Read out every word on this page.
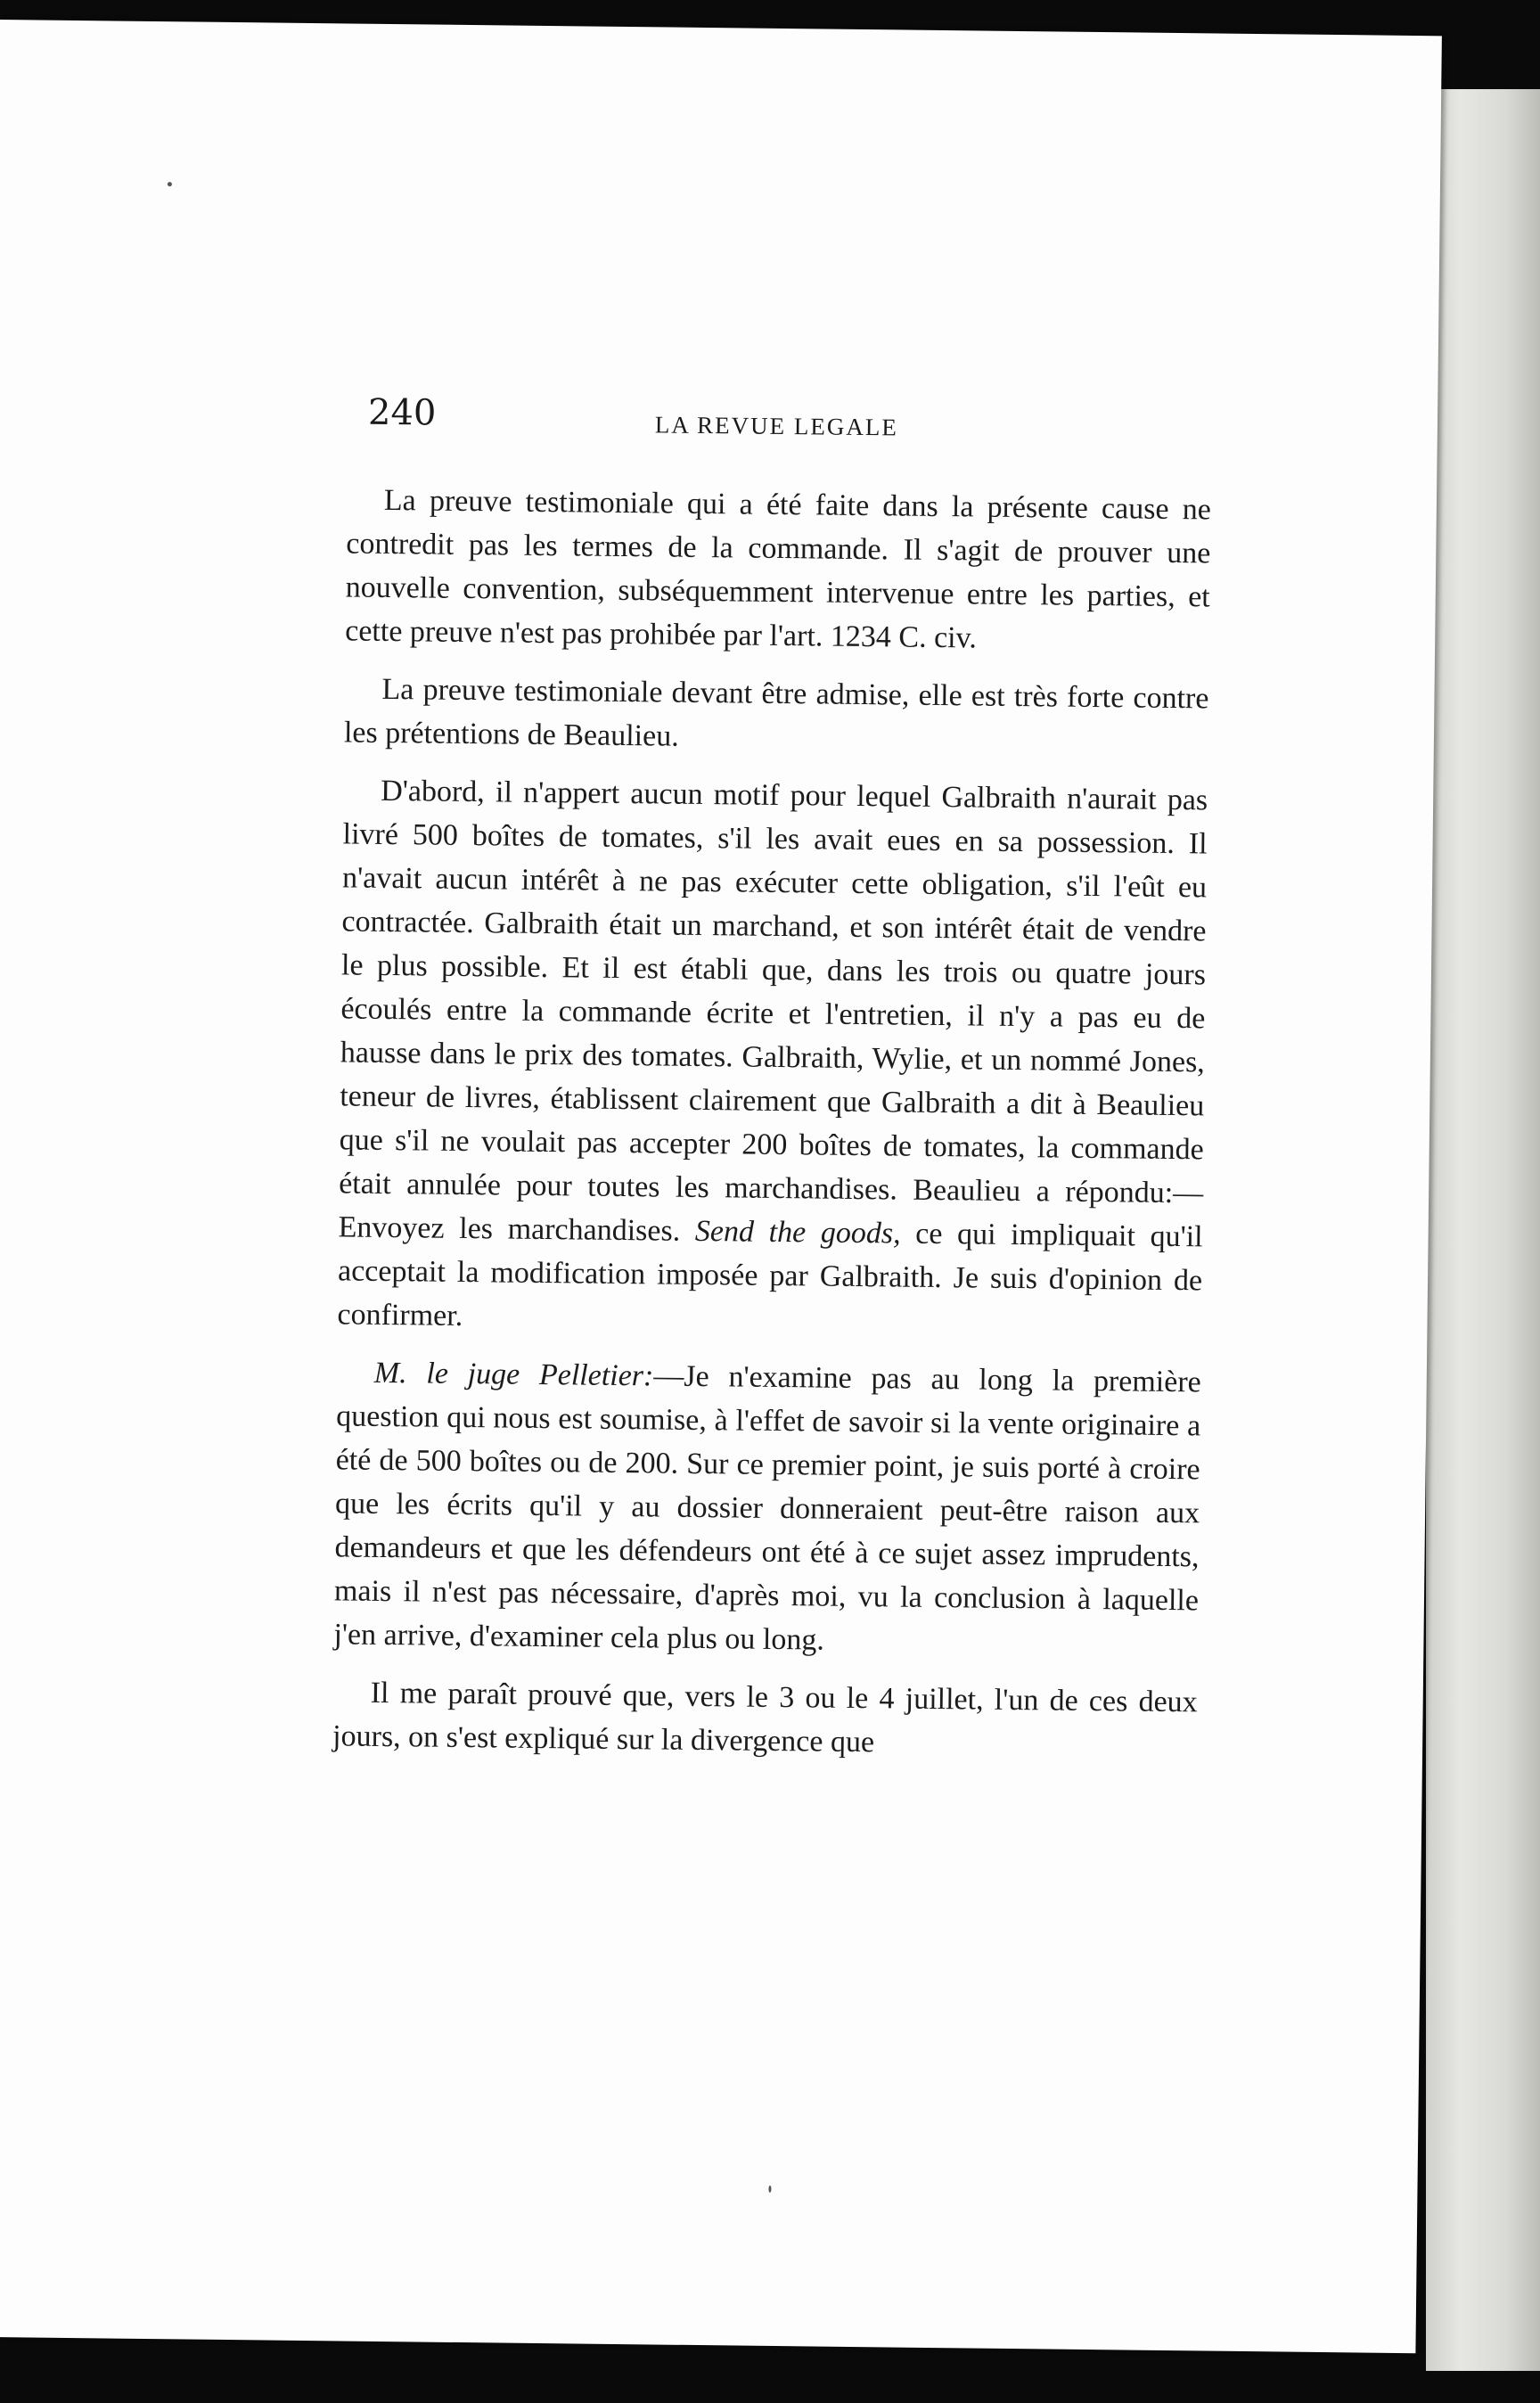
240	LA REVUE LEGALE

La preuve testimoniale qui a été faite dans la présente cause ne contredit pas les termes de la commande. Il s'agit de prouver une nouvelle convention, subséquemment intervenue entre les parties, et cette preuve n'est pas prohibée par l'art. 1234 C. civ.

La preuve testimoniale devant être admise, elle est très forte contre les prétentions de Beaulieu.

D'abord, il n'appert aucun motif pour lequel Galbraith n'aurait pas livré 500 boîtes de tomates, s'il les avait eues en sa possession. Il n'avait aucun intérêt à ne pas exécuter cette obligation, s'il l'eût eu contractée. Galbraith était un marchand, et son intérêt était de vendre le plus possible. Et il est établi que, dans les trois ou quatre jours écoulés entre la commande écrite et l'entretien, il n'y a pas eu de hausse dans le prix des tomates. Galbraith, Wylie, et un nommé Jones, teneur de livres, établissent clairement que Galbraith a dit à Beaulieu que s'il ne voulait pas accepter 200 boîtes de tomates, la commande était annulée pour toutes les marchandises. Beaulieu a répondu:— Envoyez les marchandises. Send the goods, ce qui impliquait qu'il acceptait la modification imposée par Galbraith. Je suis d'opinion de confirmer.

M. le juge Pelletier:—Je n'examine pas au long la première question qui nous est soumise, à l'effet de savoir si la vente originaire a été de 500 boîtes ou de 200. Sur ce premier point, je suis porté à croire que les écrits qu'il y au dossier donneraient peut-être raison aux demandeurs et que les défendeurs ont été à ce sujet assez imprudents, mais il n'est pas nécessaire, d'après moi, vu la conclusion à laquelle j'en arrive, d'examiner cela plus ou long.

Il me paraît prouvé que, vers le 3 ou le 4 juillet, l'un de ces deux jours, on s'est expliqué sur la divergence que
